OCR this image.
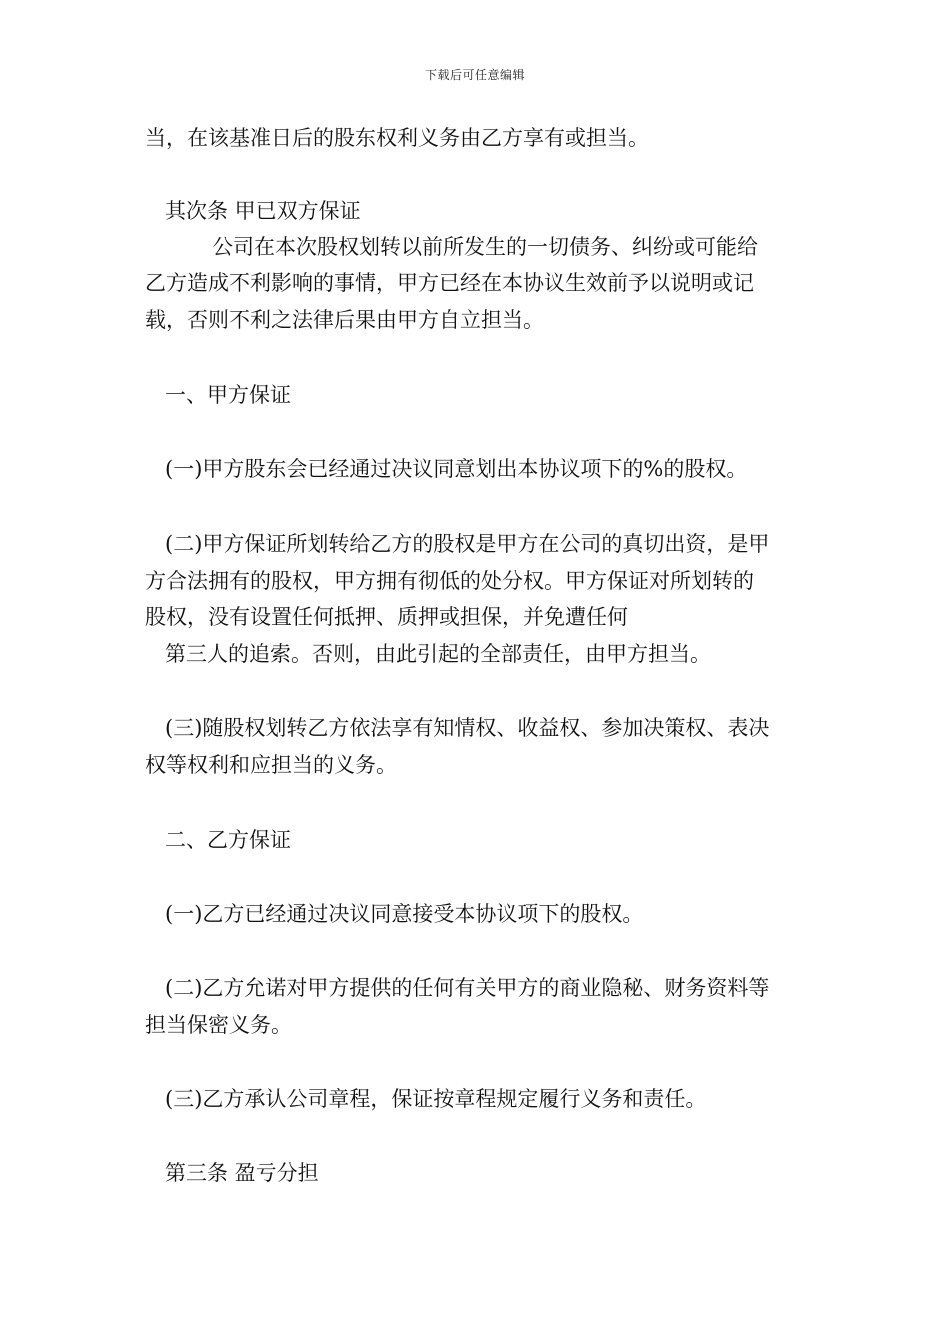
下载后可任意编辑
当，在该基准日后的股东权利义务由乙方享有或担当。
其次条 甲已双方保证
公司在本次股权划转以前所发生的一切债务、纠纷或可能给
乙方造成不利影响的事情，甲方已经在本协议生效前予以说明或记
载，否则不利之法律后果由甲方自立担当。
一、甲方保证
(一)甲方股东会已经通过决议同意划出本协议项下的%的股权。
(二)甲方保证所划转给乙方的股权是甲方在公司的真切出资，是甲
方合法拥有的股权，甲方拥有彻低的处分权。甲方保证对所划转的
股权，没有设置任何抵押、质押或担保，并免遭任何
第三人的追索。否则，由此引起的全部责任，由甲方担当。
(三)随股权划转乙方依法享有知情权、收益权、参加决策权、表决
权等权利和应担当的义务。
二、乙方保证
(一)乙方已经通过决议同意接受本协议项下的股权。
(二)乙方允诺对甲方提供的任何有关甲方的商业隐秘、财务资料等
担当保密义务。
(三)乙方承认公司章程，保证按章程规定履行义务和责任。
第三条 盈亏分担
